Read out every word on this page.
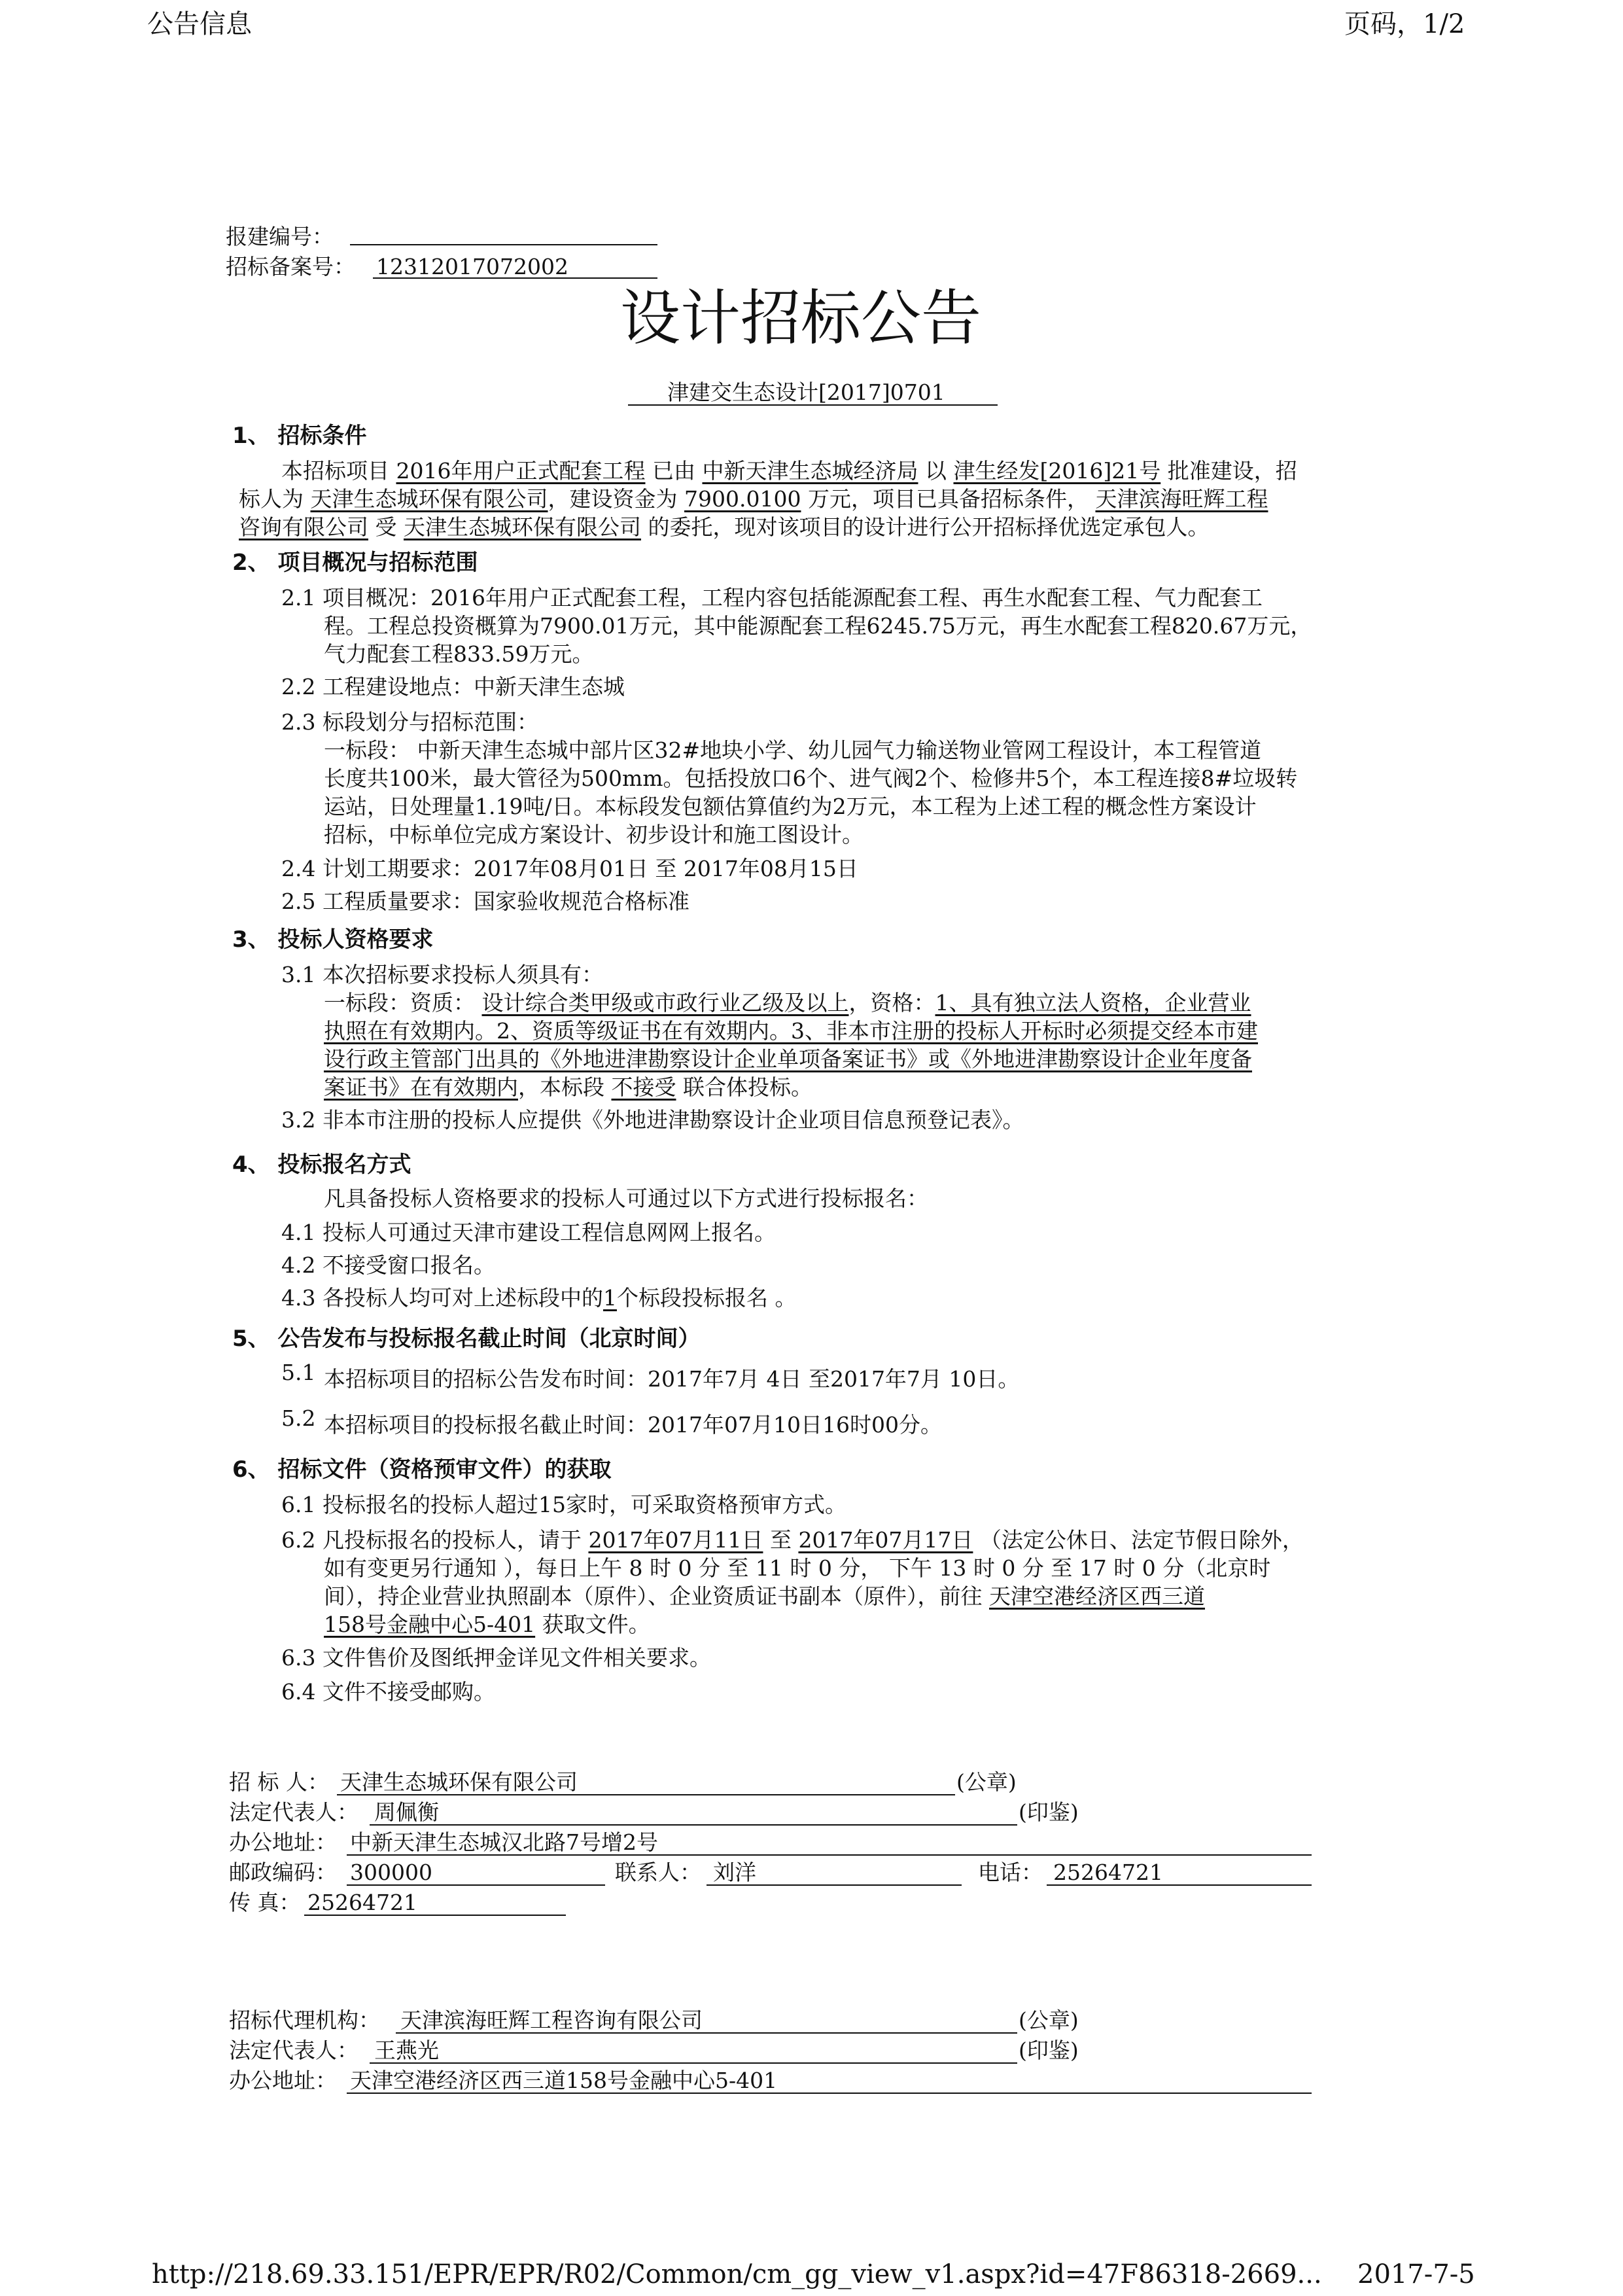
公告信息	页码，1/2
报建编号：
招标备案号： 12312017072002
设计招标公告
津建交生态设计[2017]0701
1、 招标条件
本招标项目 2016年用户正式配套工程 已由 中新天津生态城经济局 以 津生经发[2016]21号 批准建设，招
标人为 天津生态城环保有限公司，建设资金为 7900.0100 万元，项目已具备招标条件， 天津滨海旺辉工程
咨询有限公司 受 天津生态城环保有限公司 的委托，现对该项目的设计进行公开招标择优选定承包人。
2、 项目概况与招标范围
2.1 项目概况：2016年用户正式配套工程，工程内容包括能源配套工程、再生水配套工程、气力配套工
程。工程总投资概算为7900.01万元，其中能源配套工程6245.75万元，再生水配套工程820.67万元，
气力配套工程833.59万元。
2.2 工程建设地点：中新天津生态城
2.3 标段划分与招标范围：
一标段： 中新天津生态城中部片区32#地块小学、幼儿园气力输送物业管网工程设计，本工程管道
长度共100米，最大管径为500mm。包括投放口6个、进气阀2个、检修井5个，本工程连接8#垃圾转
运站，日处理量1.19吨/日。本标段发包额估算值约为2万元，本工程为上述工程的概念性方案设计
招标，中标单位完成方案设计、初步设计和施工图设计。
2.4 计划工期要求：2017年08月01日 至 2017年08月15日
2.5 工程质量要求：国家验收规范合格标准
3、 投标人资格要求
3.1 本次招标要求投标人须具有：
一标段：资质： 设计综合类甲级或市政行业乙级及以上，资格：1、具有独立法人资格，企业营业
执照在有效期内。2、资质等级证书在有效期内。3、非本市注册的投标人开标时必须提交经本市建
设行政主管部门出具的《外地进津勘察设计企业单项备案证书》或《外地进津勘察设计企业年度备
案证书》在有效期内，本标段 不接受 联合体投标。
3.2 非本市注册的投标人应提供《外地进津勘察设计企业项目信息预登记表》。
4、 投标报名方式
凡具备投标人资格要求的投标人可通过以下方式进行投标报名：
4.1 投标人可通过天津市建设工程信息网网上报名。
4.2 不接受窗口报名。
4.3 各投标人均可对上述标段中的1个标段投标报名 。
5、 公告发布与投标报名截止时间（北京时间）
5.1 本招标项目的招标公告发布时间：2017年7月 4日 至2017年7月 10日。
5.2 本招标项目的投标报名截止时间：2017年07月10日16时00分。
6、 招标文件（资格预审文件）的获取
6.1 投标报名的投标人超过15家时，可采取资格预审方式。
6.2 凡投标报名的投标人，请于 2017年07月11日 至 2017年07月17日 （法定公休日、法定节假日除外，
如有变更另行通知 ），每日上午 8 时 0 分 至 11 时 0 分， 下午 13 时 0 分 至 17 时 0 分（北京时
间），持企业营业执照副本（原件）、企业资质证书副本（原件），前往 天津空港经济区西三道
158号金融中心5-401 获取文件。
6.3 文件售价及图纸押金详见文件相关要求。
6.4 文件不接受邮购。
招 标 人： 天津生态城环保有限公司	(公章)
法定代表人： 周佩衡	(印鉴)
办公地址： 中新天津生态城汉北路7号增2号
邮政编码： 300000	联系人： 刘洋	电话： 25264721
传 真： 25264721
招标代理机构： 天津滨海旺辉工程咨询有限公司	(公章)
法定代表人： 王燕光	(印鉴)
办公地址： 天津空港经济区西三道158号金融中心5-401
http://218.69.33.151/EPR/EPR/R02/Common/cm_gg_view_v1.aspx?id=47F86318-2669... 2017-7-5
